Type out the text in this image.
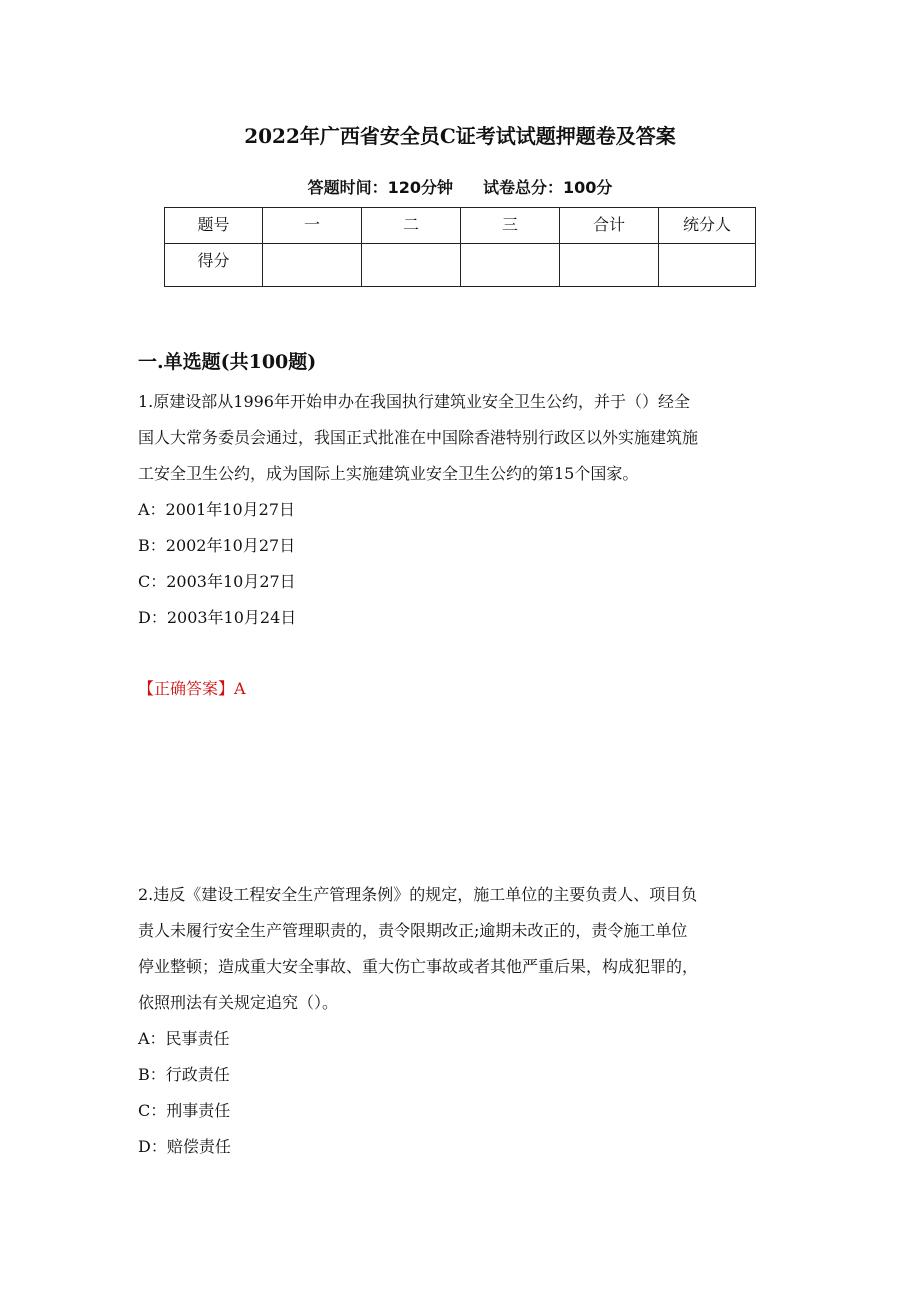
2022年广西省安全员C证考试试题押题卷及答案
答题时间：120分钟 试卷总分：100分
题号	一	二	三	合计	统分人
得分					
一.单选题(共100题)

1.原建设部从1996年开始申办在我国执行建筑业安全卫生公约，并于（）经全

国人大常务委员会通过，我国正式批准在中国除香港特别行政区以外实施建筑施

工安全卫生公约，成为国际上实施建筑业安全卫生公约的第15个国家。

A：2001年10月27日

B：2002年10月27日

C：2003年10月27日

D：2003年10月24日

【正确答案】A

2.违反《建设工程安全生产管理条例》的规定，施工单位的主要负责人、项目负

责人未履行安全生产管理职责的，责令限期改正;逾期未改正的，责令施工单位

停业整顿；造成重大安全事故、重大伤亡事故或者其他严重后果，构成犯罪的，

依照刑法有关规定追究（）。

A：民事责任

B：行政责任

C：刑事责任

D：赔偿责任
